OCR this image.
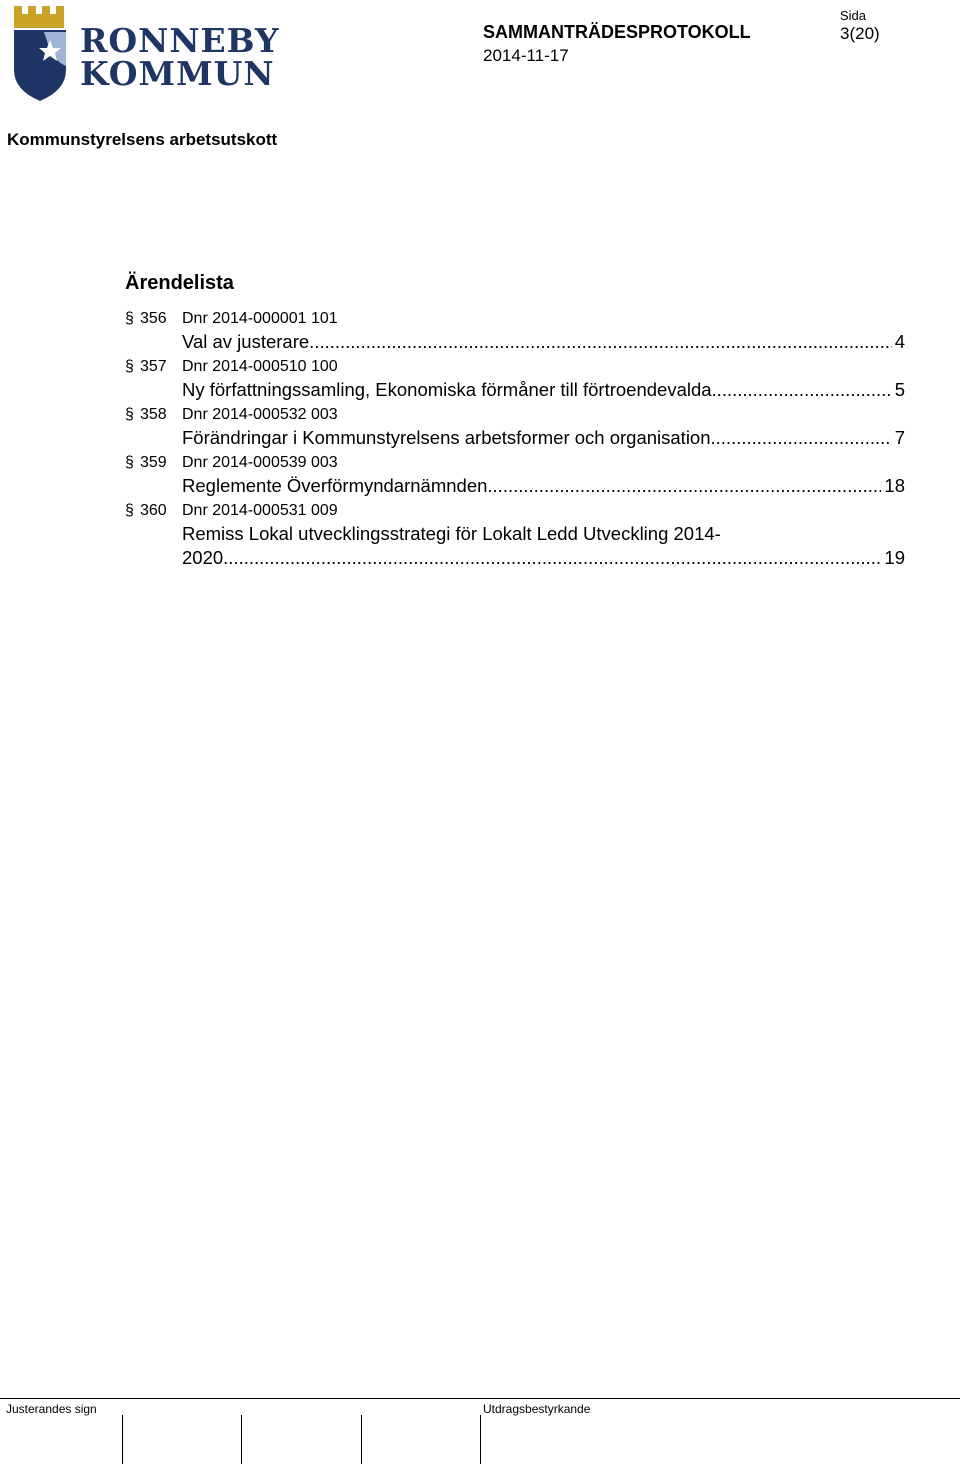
RONNEBY
KOMMUN
SAMMANTRÄDESPROTOKOLL
2014-11-17
Sida
3(20)
Kommunstyrelsens arbetsutskott
Ärendelista
§ 356 Dnr 2014-000001 101
Val av justerare .....	4
§ 357 Dnr 2014-000510 100
Ny författningssamling, Ekonomiska förmåner till förtroendevalda .....	5
§ 358 Dnr 2014-000532 003
Förändringar i Kommunstyrelsens arbetsformer och organisation .....	7
§ 359 Dnr 2014-000539 003
Reglemente Överförmyndarnämnden .....	18
§ 360 Dnr 2014-000531 009
Remiss Lokal utvecklingsstrategi för Lokalt Ledd Utveckling 2014-
2020 .....	19
Justerandes sign	Utdragsbestyrkande
